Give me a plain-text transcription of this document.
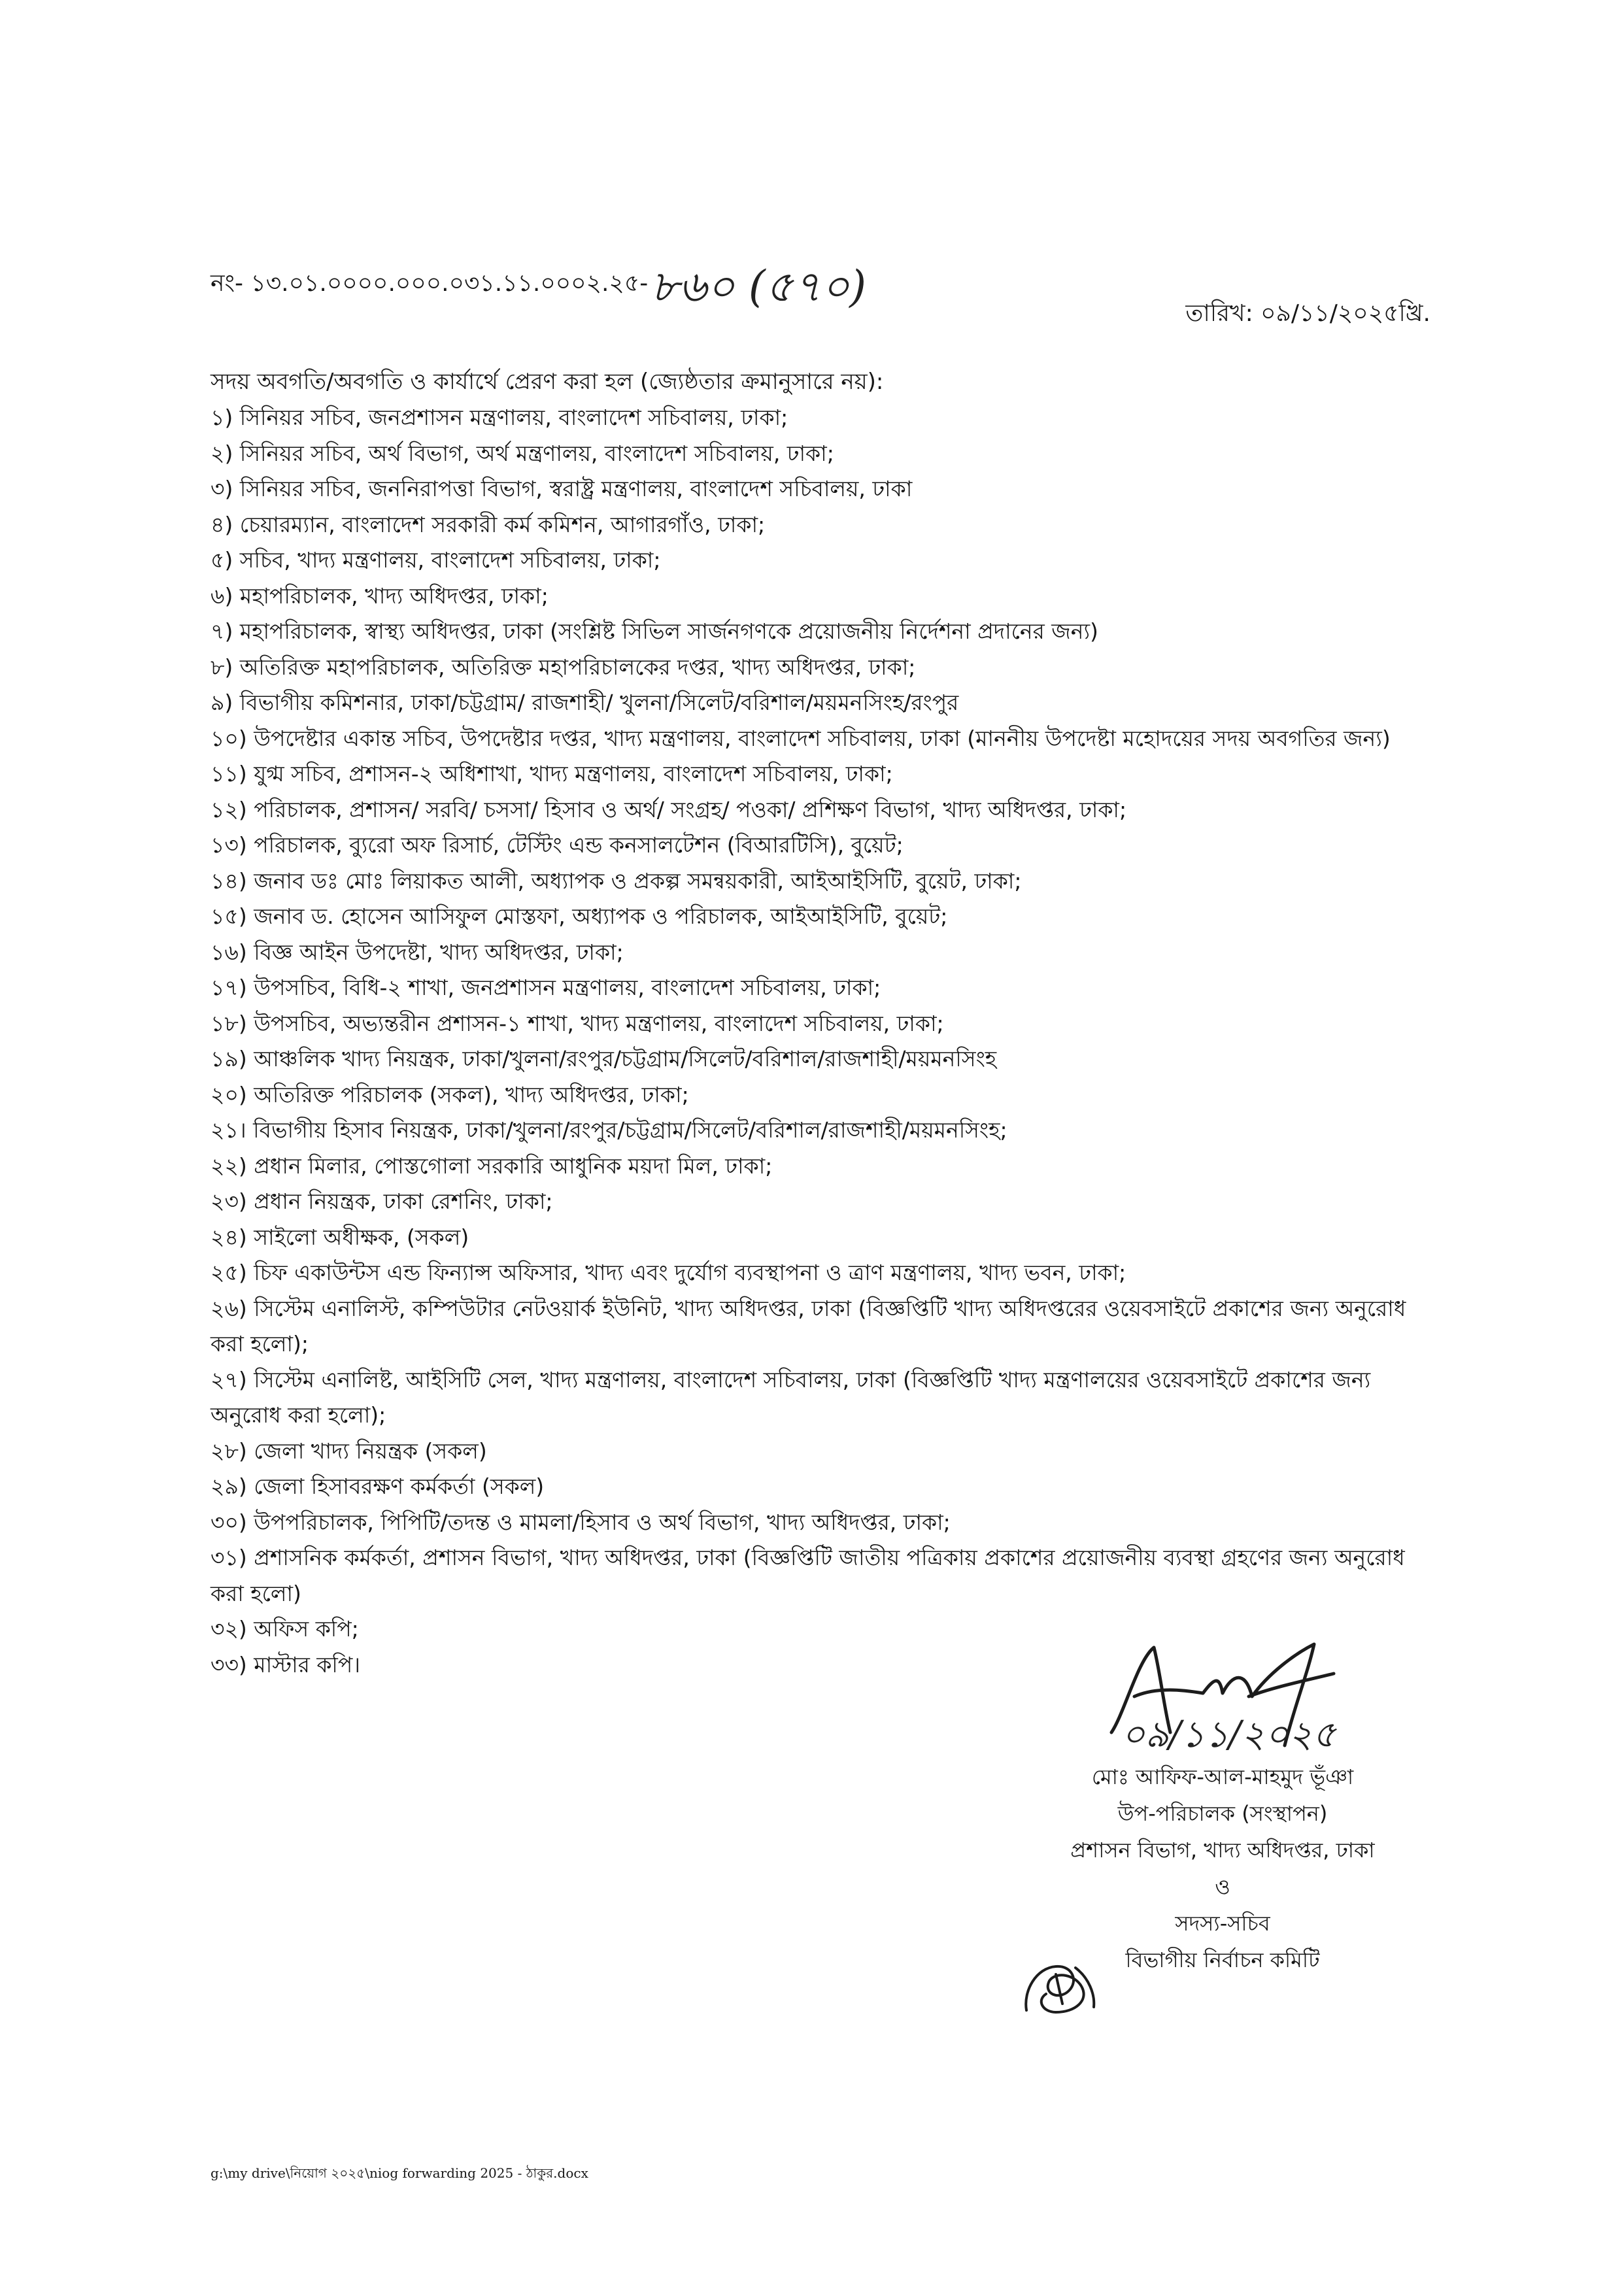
নং- ১৩.০১.০০০০.০০০.০৩১.১১.০০০২.২৫- ৮৬০ (৫৭০)
তারিখ: ০৯/১১/২০২৫খ্রি.
সদয় অবগতি/অবগতি ও কার্যার্থে প্রেরণ করা হল (জ্যেষ্ঠতার ক্রমানুসারে নয়):
১) সিনিয়র সচিব, জনপ্রশাসন মন্ত্রণালয়, বাংলাদেশ সচিবালয়, ঢাকা;
২) সিনিয়র সচিব, অর্থ বিভাগ, অর্থ মন্ত্রণালয়, বাংলাদেশ সচিবালয়, ঢাকা;
৩) সিনিয়র সচিব, জননিরাপত্তা বিভাগ, স্বরাষ্ট্র মন্ত্রণালয়, বাংলাদেশ সচিবালয়, ঢাকা
৪) চেয়ারম্যান, বাংলাদেশ সরকারী কর্ম কমিশন, আগারগাঁও, ঢাকা;
৫) সচিব, খাদ্য মন্ত্রণালয়, বাংলাদেশ সচিবালয়, ঢাকা;
৬) মহাপরিচালক, খাদ্য অধিদপ্তর, ঢাকা;
৭) মহাপরিচালক, স্বাস্থ্য অধিদপ্তর, ঢাকা (সংশ্লিষ্ট সিভিল সার্জনগণকে প্রয়োজনীয় নির্দেশনা প্রদানের জন্য)
৮) অতিরিক্ত মহাপরিচালক, অতিরিক্ত মহাপরিচালকের দপ্তর, খাদ্য অধিদপ্তর, ঢাকা;
৯) বিভাগীয় কমিশনার, ঢাকা/চট্টগ্রাম/ রাজশাহী/ খুলনা/সিলেট/বরিশাল/ময়মনসিংহ/রংপুর
১০) উপদেষ্টার একান্ত সচিব, উপদেষ্টার দপ্তর, খাদ্য মন্ত্রণালয়, বাংলাদেশ সচিবালয়, ঢাকা (মাননীয় উপদেষ্টা মহোদয়ের সদয় অবগতির জন্য)
১১) যুগ্ম সচিব, প্রশাসন-২ অধিশাখা, খাদ্য মন্ত্রণালয়, বাংলাদেশ সচিবালয়, ঢাকা;
১২) পরিচালক, প্রশাসন/ সরবি/ চসসা/ হিসাব ও অর্থ/ সংগ্রহ/ পওকা/ প্রশিক্ষণ বিভাগ, খাদ্য অধিদপ্তর, ঢাকা;
১৩) পরিচালক, ব্যুরো অফ রিসার্চ, টেস্টিং এন্ড কনসালটেশন (বিআরটিসি), বুয়েট;
১৪) জনাব ডঃ মোঃ লিয়াকত আলী, অধ্যাপক ও প্রকল্প সমন্বয়কারী, আইআইসিটি, বুয়েট, ঢাকা;
১৫) জনাব ড. হোসেন আসিফুল মোস্তফা, অধ্যাপক ও পরিচালক, আইআইসিটি, বুয়েট;
১৬) বিজ্ঞ আইন উপদেষ্টা, খাদ্য অধিদপ্তর, ঢাকা;
১৭) উপসচিব, বিধি-২ শাখা, জনপ্রশাসন মন্ত্রণালয়, বাংলাদেশ সচিবালয়, ঢাকা;
১৮) উপসচিব, অভ্যন্তরীন প্রশাসন-১ শাখা, খাদ্য মন্ত্রণালয়, বাংলাদেশ সচিবালয়, ঢাকা;
১৯) আঞ্চলিক খাদ্য নিয়ন্ত্রক, ঢাকা/খুলনা/রংপুর/চট্টগ্রাম/সিলেট/বরিশাল/রাজশাহী/ময়মনসিংহ
২০) অতিরিক্ত পরিচালক (সকল), খাদ্য অধিদপ্তর, ঢাকা;
২১। বিভাগীয় হিসাব নিয়ন্ত্রক, ঢাকা/খুলনা/রংপুর/চট্টগ্রাম/সিলেট/বরিশাল/রাজশাহী/ময়মনসিংহ;
২২) প্রধান মিলার, পোস্তগোলা সরকারি আধুনিক ময়দা মিল, ঢাকা;
২৩) প্রধান নিয়ন্ত্রক, ঢাকা রেশনিং, ঢাকা;
২৪) সাইলো অধীক্ষক, (সকল)
২৫) চিফ একাউন্টস এন্ড ফিন্যান্স অফিসার, খাদ্য এবং দুর্যোগ ব্যবস্থাপনা ও ত্রাণ মন্ত্রণালয়, খাদ্য ভবন, ঢাকা;
২৬) সিস্টেম এনালিস্ট, কম্পিউটার নেটওয়ার্ক ইউনিট, খাদ্য অধিদপ্তর, ঢাকা (বিজ্ঞপ্তিটি খাদ্য অধিদপ্তরের ওয়েবসাইটে প্রকাশের জন্য অনুরোধ করা হলো);
২৭) সিস্টেম এনালিষ্ট, আইসিটি সেল, খাদ্য মন্ত্রণালয়, বাংলাদেশ সচিবালয়, ঢাকা (বিজ্ঞপ্তিটি খাদ্য মন্ত্রণালয়ের ওয়েবসাইটে প্রকাশের জন্য অনুরোধ করা হলো);
২৮) জেলা খাদ্য নিয়ন্ত্রক (সকল)
২৯) জেলা হিসাবরক্ষণ কর্মকর্তা (সকল)
৩০) উপপরিচালক, পিপিটি/তদন্ত ও মামলা/হিসাব ও অর্থ বিভাগ, খাদ্য অধিদপ্তর, ঢাকা;
৩১) প্রশাসনিক কর্মকর্তা, প্রশাসন বিভাগ, খাদ্য অধিদপ্তর, ঢাকা (বিজ্ঞপ্তিটি জাতীয় পত্রিকায় প্রকাশের প্রয়োজনীয় ব্যবস্থা গ্রহণের জন্য অনুরোধ করা হলো)
৩২) অফিস কপি;
৩৩) মাস্টার কপি।
০৯/১১/২০২৫
মোঃ আফিফ-আল-মাহমুদ ভূঁঞা
উপ-পরিচালক (সংস্থাপন)
প্রশাসন বিভাগ, খাদ্য অধিদপ্তর, ঢাকা
ও
সদস্য-সচিব
বিভাগীয় নির্বাচন কমিটি
g:\my drive\নিয়োগ ২০২৫\niog forwarding 2025 - ঠাকুর.docx
